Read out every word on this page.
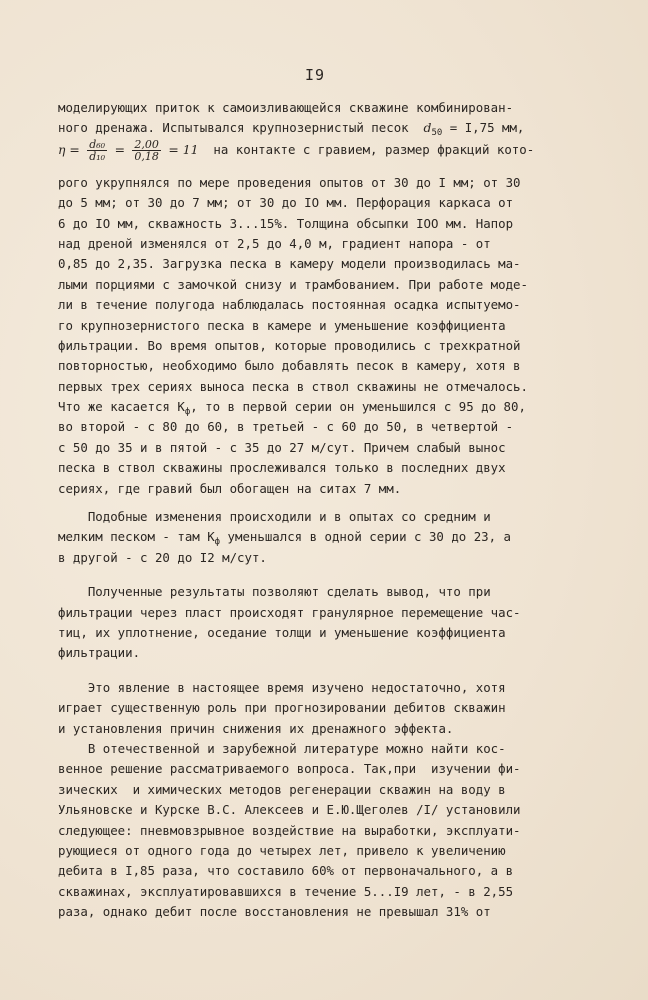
I9

моделирующих приток к самоизливающейся скважине комбинирован-
ного дренажа. Испытывался крупнозернистый песок  $d_{50} = I,75$ мм,
$\eta = \frac{\text{d₆₀}}{\text{d₁₀}} = \frac{2,00}{0,18} = 11$  на контакте с гравием, размер фракций кото-
рого укрупнялся по мере проведения опытов от 30 до I мм; от 30
до 5 мм; от 30 до 7 мм; от 30 до IO мм. Перфорация каркаса от
6 до IO мм, скважность 3...15%. Толщина обсыпки IOO мм. Напор
над дреной изменялся от 2,5 до 4,0 м, градиент напора - от
0,85 до 2,35. Загрузка песка в камеру модели производилась ма-
лыми порциями с замочкой снизу и трамбованием. При работе моде-
ли в течение полугода наблюдалась постоянная осадка испытуемо-
го крупнозернистого песка в камере и уменьшение коэффициента
фильтрации. Во время опытов, которые проводились с трехкратной
повторностью, необходимо было добавлять песок в камеру, хотя в
первых трех сериях выноса песка в ствол скважины не отмечалось.
Что же касается $К_ф$, то в первой серии он уменьшился с 95 до 80,
во второй - с 80 до 60, в третьей - с 60 до 50, в четвертой -
с 50 до 35 и в пятой - с 35 до 27 м/сут. Причем слабый вынос
песка в ствол скважины прослеживался только в последних двух
сериях, где гравий был обогащен на ситах 7 мм.
Подобные изменения происходили и в опытах со средним и
мелким песком - там $К_ф$ уменьшался в одной серии с 30 до 23, а
в другой - с 20 до I2 м/сут.
Полученные результаты позволяют сделать вывод, что при
фильтрации через пласт происходят гранулярное перемещение час-
тиц, их уплотнение, оседание толщи и уменьшение коэффициента
фильтрации.
Это явление в настоящее время изучено недостаточно, хотя
играет существенную роль при прогнозировании дебитов скважин
и установления причин снижения их дренажного эффекта.
В отечественной и зарубежной литературе можно найти кос-
венное решение рассматриваемого вопроса. Так,при  изучении фи-
зических  и химических методов регенерации скважин на воду в
Ульяновске и Курске В.С. Алексеев и Е.Ю.Щеголев /I/ установили
следующее: пневмовзрывное воздействие на выработки, эксплуати-
рующиеся от одного года до четырех лет, привело к увеличению
дебита в I,85 раза, что составило 60% от первоначального, а в
скважинах, эксплуатировавшихся в течение 5...I9 лет, - в 2,55
раза, однако дебит после восстановления не превышал 31% от
